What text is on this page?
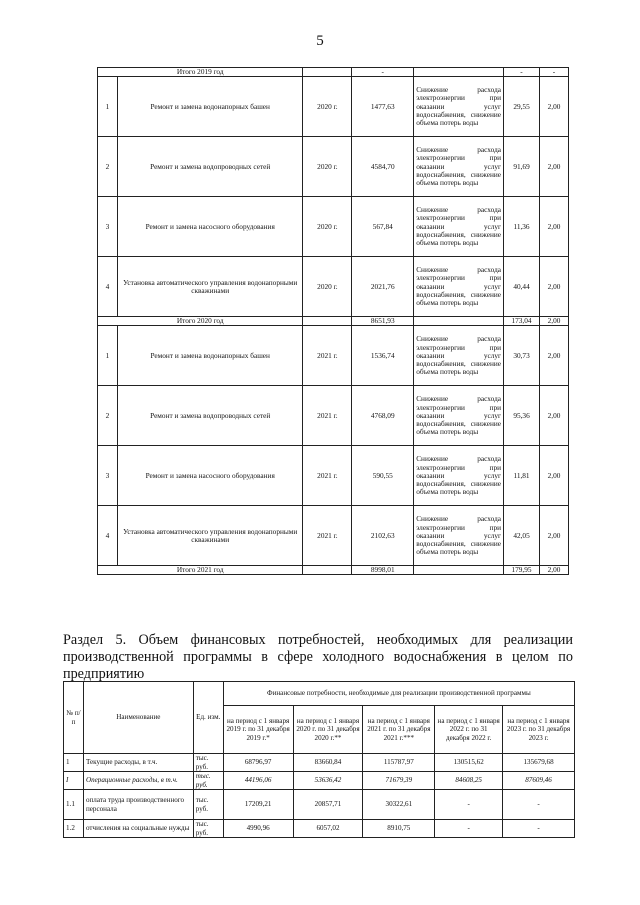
5
Итого 2019 год			-		-	-
1	Ремонт и замена водонапорных башен	2020 г.	1477,63	Снижение расхода электроэнергии при оказании услуг водоснабжения, снижение объема потерь воды	29,55	2,00
2	Ремонт и замена водопроводных сетей	2020 г.	4584,70	Снижение расхода электроэнергии при оказании услуг водоснабжения, снижение объема потерь воды	91,69	2,00
3	Ремонт и замена насосного оборудования	2020 г.	567,84	Снижение расхода электроэнергии при оказании услуг водоснабжения, снижение объема потерь воды	11,36	2,00
4	Установка автоматического управления водонапорными скважинами	2020 г.	2021,76	Снижение расхода электроэнергии при оказании услуг водоснабжения, снижение объема потерь воды	40,44	2,00
Итого 2020 год			8651,93		173,04	2,00
1	Ремонт и замена водонапорных башен	2021 г.	1536,74	Снижение расхода электроэнергии при оказании услуг водоснабжения, снижение объема потерь воды	30,73	2,00
2	Ремонт и замена водопроводных сетей	2021 г.	4768,09	Снижение расхода электроэнергии при оказании услуг водоснабжения, снижение объема потерь воды	95,36	2,00
3	Ремонт и замена насосного оборудования	2021 г.	590,55	Снижение расхода электроэнергии при оказании услуг водоснабжения, снижение объема потерь воды	11,81	2,00
4	Установка автоматического управления водонапорными скважинами	2021 г.	2102,63	Снижение расхода электроэнергии при оказании услуг водоснабжения, снижение объема потерь воды	42,05	2,00
Итого 2021 год			8998,01		179,95	2,00
Раздел 5. Объем финансовых потребностей, необходимых для реализации производственной программы в сфере холодного водоснабжения в целом по предприятию
№ п/п	Наименование	Ед. изм.	Финансовые потребности, необходимые для реализации производственной программы				
			на период с 1 января 2019 г. по 31 декабря 2019 г.*	на период с 1 января 2020 г. по 31 декабря 2020 г.**	на период с 1 января 2021 г. по 31 декабря 2021 г.***	на период с 1 января 2022 г. по 31 декабря 2022 г.	на период с 1 января 2023 г. по 31 декабря 2023 г.
1	Текущие расходы, в т.ч.	тыс. руб.	68796,97	83660,84	115787,97	130515,62	135679,68
I	Операционные расходы, в т.ч.	тыс. руб.	44196,06	53636,42	71679,39	84608,25	87609,46
1.1	оплата труда производственного персонала	тыс. руб.	17209,21	20857,71	30322,61	-	-
1.2	отчисления на социальные нужды	тыс. руб.	4990,96	6057,02	8910,75	-	-
